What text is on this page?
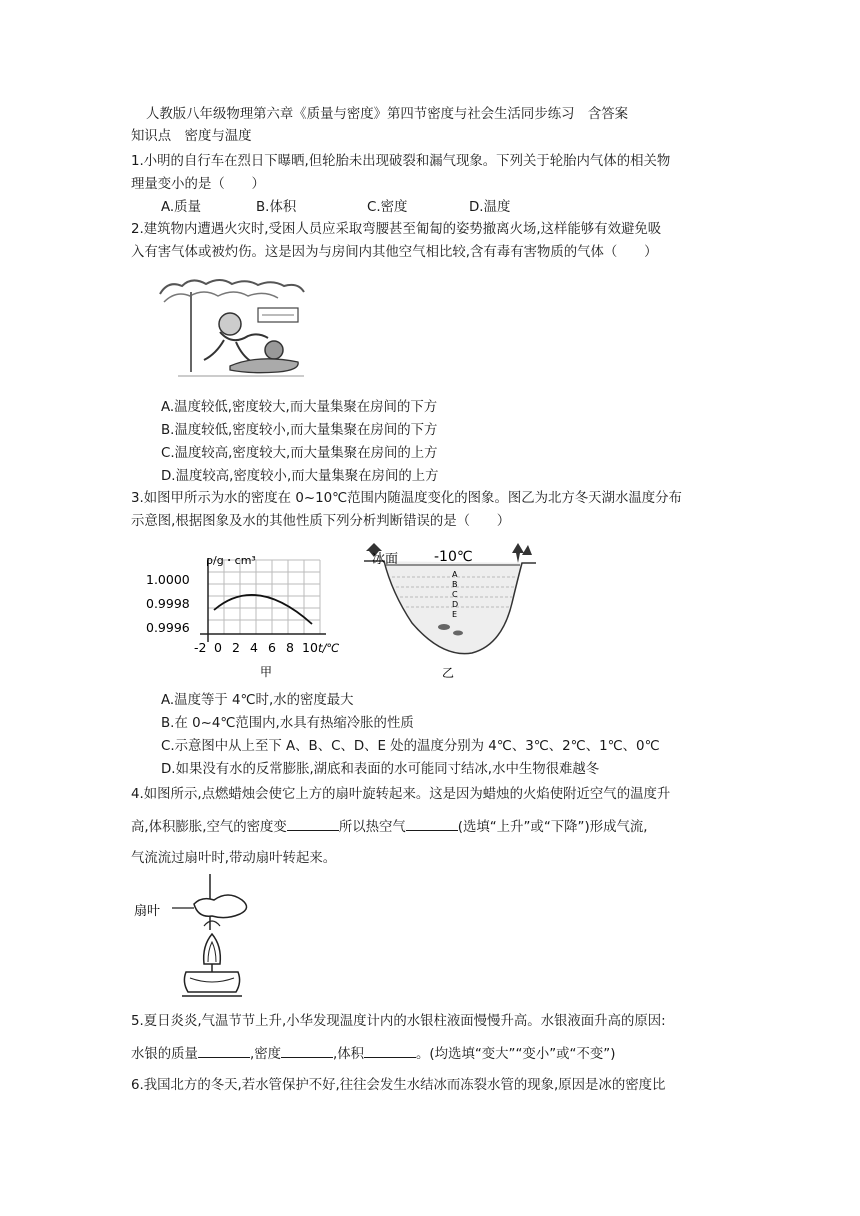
人教版八年级物理第六章《质量与密度》第四节密度与社会生活同步练习　含答案
知识点　密度与温度
1.小明的自行车在烈日下曝晒,但轮胎未出现破裂和漏气现象。下列关于轮胎内气体的相关物
理量变小的是（　　）
A.质量	B.体积	C.密度	D.温度
2.建筑物内遭遇火灾时,受困人员应采取弯腰甚至匍匐的姿势撤离火场,这样能够有效避免吸
入有害气体或被灼伤。这是因为与房间内其他空气相比较,含有毒有害物质的气体（　　）
A.温度较低,密度较大,而大量集聚在房间的下方
B.温度较低,密度较小,而大量集聚在房间的下方
C.温度较高,密度较大,而大量集聚在房间的上方
D.温度较高,密度较小,而大量集聚在房间的上方
3.如图甲所示为水的密度在 0~10℃范围内随温度变化的图象。图乙为北方冬天湖水温度分布
示意图,根据图象及水的其他性质下列分析判断错误的是（　　）
ρ/g・cm³
1.0000
0.9998
0.9996
-2 0 2 4 6 8 10 t/℃
甲
冰面	-10℃
A
B
C
D
E
乙
A.温度等于 4℃时,水的密度最大
B.在 0~4℃范围内,水具有热缩冷胀的性质
C.示意图中从上至下 A、B、C、D、E 处的温度分别为 4℃、3℃、2℃、1℃、0℃
D.如果没有水的反常膨胀,湖底和表面的水可能同寸结冰,水中生物很难越冬
4.如图所示,点燃蜡烛会使它上方的扇叶旋转起来。这是因为蜡烛的火焰使附近空气的温度升
高,体积膨胀,空气的密度变	所以热空气	(选填“上升”或“下降”)形成气流,
气流流过扇叶时,带动扇叶转起来。
扇叶
5.夏日炎炎,气温节节上升,小华发现温度计内的水银柱液面慢慢升高。水银液面升高的原因:
水银的质量	,密度	,体积	。(均选填“变大”“变小”或“不变”)
6.我国北方的冬天,若水管保护不好,往往会发生水结冰而冻裂水管的现象,原因是冰的密度比
